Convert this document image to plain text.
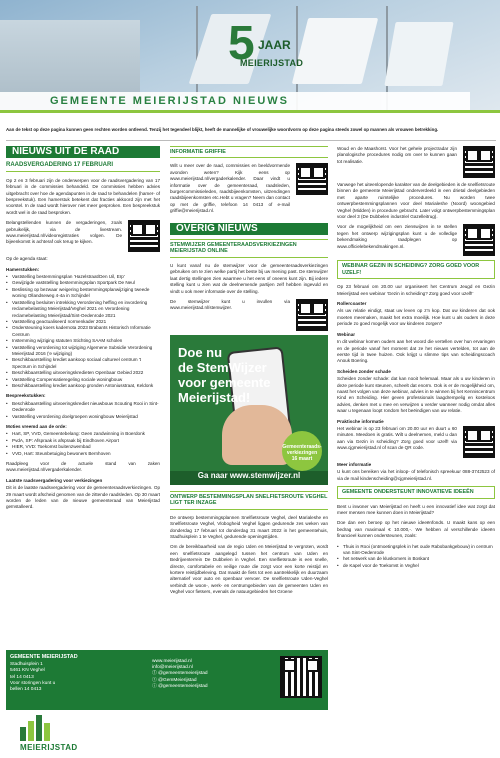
5 JAAR
MEIERIJSTAD
GEMEENTE MEIERIJSTAD NIEUWS
Aan de tekst op deze pagina kunnen geen rechten worden ontleend. Tenzij het tegendeel blijkt, heeft de mannelijke of vrouwelijke woordvorm op deze pagina steeds zowel op mannen als vrouwen betrekking.
NIEUWS UIT DE RAAD
RAADSVERGADERING 17 FEBRUARI

Op 2 en 3 februari zijn de onderwerpen voor de raadsvergadering van 17 februari in de commissies behandeld. De commissies hebben advies uitgebracht over hoe de agendapunten in de raad te behandelen (hamer- of bespreekstuk). Een hamerstuk betekent dat fracties akkoord zijn met het voorstel. In de raad wordt hierover niet meer gesproken. Een bespreekstuk wordt wel in de raad besproken.

Belangstellenden kunnen de vergaderingen, zoals gebruikelijk, via de livestream. www.meierijstad.nl/videoregistraties volgen. De bijeenkomst is achteraf ook terug te kijken.

Op de agenda staat:

Hamerstukken:
• Vaststelling bestemmingsplan 'Hazelstraat/Den Uil, Erp'
• Gewijzigde vaststelling bestemmingsplan Sportpark De Neul
• Beslissing op bezwaar weigering bestemmingsplanwijziging tweede woning Ollandseweg 4-4a in Schijndel
• Vaststelling besluiten intrekking Verordening heffing en invordering reclamebelasting Meierijstad/Veghel 2021 en Verordening reclamebelasting Meierijstad/Sint-Oedenrode 2021
• Vaststelling geactualiseerd normenkader 2021
• Ondersteuning koers kadernota 2023 Brabants Historisch Informatie Centrum
• Instemming wijziging statuten Stichting SAAM scholen
• Vaststelling verordening tot wijziging Algemene Subsidie Verordening Meierijstad 2016 ('e wijziging)
• Beschikbaarstelling krediet aankoop sociaal cultureel centrum 't Spectrum in Schijndel
• Beschikbaarstelling uitvoeringskredieten Openbaar Gebied 2022
• Vaststelling Compensatieregeling sociale woningbouw
• Beschikbaarstelling krediet aankoop gronden Antoniusstraat, Keldonk
Bespreekstukken:
• Beschikbaarstelling uitvoeringskrediet nieuwbouw Scouting Rooi in Sint-Oedenrode
• Vaststelling verordening doelgroepen woningbouw Meierijstad
Moties vreemd aan de orde:
• Hart, SP, VVD, Gemeentebelang: Geen zandwinning in Boerdonk
• PvdA, SP: Afspraak is afspraak bij Eindhoven Airport
• HIER, VVD: Toekomst buitenzwembad
• VVD, Hart: Steunbetuiging bewoners Bernhoven

Raadpleeg voor de actuele stand van zaken www.meierijstad.nl/vergaderkalender.

Laatste raadsvergadering voor verkiezingen

Dit is de laatste raadsvergadering voor de gemeenteraadsverkiezingen. Op 29 maart wordt afscheid genomen van de zittende raadsleden. Op 30 maart worden de leden van de nieuwe gemeenteraad van Meierijstad geïnstalleerd.

INFORMATIE GRIFFIE

Wilt u meer over de raad, commissies en beeldvormende avonden weten? Kijk eens op www.meierijstad.nl/vergaderkalender. Daar vindt u informatie over de gemeenteraad, raadsleden, burgercommissieleden, raadsbijeenkomsten, uitzendingen raadsbijeenkomsten etc.Hebt u vragen? Neem dan contact op met de griffie, telefoon 14 0413 of e-mail griffie@meierijstad.nl.

OVERIG NIEUWS
STEMWIJZER GEMEENTERAADSVERKIEZINGEN MEIERIJSTAD ONLINE

U kunt vanaf nu de stemwijzer voor de gemeenteraadsverkiezingen gebruiken om te zien welke partij het beste bij uw mening past. De stemwijzer laat dertig stellingen zien waarmee u het eens of oneens kunt zijn. Bij iedere stelling kunt u zien wat de deelnemende partijen zelf hebben ingevuld en vindt u ook meer informatie over de stelling.

De stemwijzer kunt u invullen via www.meierijstad.nl/stemwijzer.

Doe nu
de StemWijzer
voor gemeente
Meierijstad!
Gemeenteraads-
verkiezingen
16 maart
Ga naar www.stemwijzer.nl
ONTWERP BESTEMMINGSPLAN SNELFIETSROUTE VEGHEL LIGT TER INZAGE

De ontwerp bestemmingsplannen Snelfietsroute Veghel, deel Marialeshe en Snelfietsroute Veghel, Vlobogheid Veghel liggen gedurende zes weken van donderdag 17 februari tot donderdag 31 maart 2022 in het gemeentehuis, Stadhuisplein 1 te Veghel, gedurende openingstijden.

Om de bereikbaarheid van de regio Uden en Meierijstad te vergroten, wordt een snelfietsroute aangelegd tussen het centrum van Uden en Bedrijventerrein De Dubbelen in Veghel. Een snelfietsroute is een snelle, directe, comfortabele en veilige route die zorgt voor een korte reistijd en kortere reistijdbeleving. Dat maakt de fiets tot een aantrekkelijk en duurzaam alternatief voor auto en openbaar vervoer. De snelfietsroute Uden-Veghel verbindt de woon-, werk- en centrumgebieden van de gemeenten Uden en Veghel voor fietsers, evenals de natuurgebieden het Groene

Woud en de Maashorst. Voor het gehele projectradar zijn planologische procedures nodig om over te kunnen gaan tot realisatie.

Vanwege het uiteenlopende karakter van de deelgebieden is de snelfietsroute binnen de gemeente Meierijstad onderverdeeld in een drietal deelgebieden met aparte ruimtelijke procedures. Nu worden twee ontwerpbestemmingsplannen voor deel Marialeshe (Noord) woongebied Veghel (Midden) in procedure gebracht. Later volgt ontwerpbestemmingsplan voor deel 3 (De Dubbelen industriel Gazelleitrug).

Voor de mogelijkheid om een zienswijzen in te stellen tegen het ontwerp wijzigingsplan kunt u de volledige bekendmaking raadplegen op www.officielebekendmakingen.nl.

WEBINAR GEZIN IN SCHEIDING? ZORG GOED VOOR UZELF!

Op 23 februari om 20.00 uur organiseert het Centrum Jeugd en Gezin Meierijstad een webinar 'Gezin in scheiding? Zorg goed voor uzelf!'

Rollercoaster

Als uw relatie eindigt, staat uw leven op z'n kop. Dat uw kinderen dat ook moeten meemaken, maakt het extra moeilijk. Hoe kunt u als ouders in deze periode zo goed mogelijk voor uw kinderen zorgen?

Webinar

In dit webinar komen ouders aan het woord die vertellen over hun ervaringen en de periode vanaf het moment dat ze het nieuws vertelden, tot aan de eerste tijd in twee huizen. Ook krijgt u slimme tips van scheidingscoach Anouk Boering.

Scheiden zonder schade

Scheiden zonder schade: dat kan nooit helemaal. Maar als u uw kinderen in deze periode kunt steunen, scheelt dat enorm. Ook is er de mogelijkheid om, naast het volgen van deze webinar, advies in te winnen bij het Kenniscentrum Kind en Scheiding. Hier geven professionals laagdrempelig en kosteloos advies, denken met u mee en verwijzen u verder wanneer nodig omdat alles waar u tegenaan loopt rondom het beëindigen van uw relatie.

Praktische informatie

Het webinar is op 23 februari om 20.00 uur en duurt ± 60 minuten. Meedoen is gratis. Wilt u deelnemen, meld u dan aan via Gezin in scheiding? Zorg goed voor uzelf! via www.cjgmeierijstad.nl of scan de QR code.

Meer informatie

U kunt ons bereiken via het inloop- of telefonisch spreekuur 088-3742523 of via de mail kindenscheiding@cjgmeierijstad.nl.

GEMEENTE ONDERSTEUNT INNOVATIEVE IDEEËN

Bent u inwoner van Meierijstad en heeft u een innovatief idee wat zorgt dat meer mensen mee kunnen doen in Meierijstad?

Doe dan een beroep op het nieuwe ideeënfonds. U maakt kans op een bedrag van maximaal € 10.000,-. We hebben al verschillende ideeën financieel kunnen ondersteunen, zoals:

• Thuis in Rooi (ontmoetingsplek in het oude Rabobankgebouw) in centrum van Sint-Oedenrode
• het netwerk van de kluskomers in Boskant
• de Kapel voor de Toekomst in Veghel
GEMEENTE MEIERIJSTAD
Stadhuisplein 1
5461 KN Veghel
tel 14 0413
Voor storingen kunt u
bellen 14 0413
www.meierijstad.nl
info@meierijstad.nl
ⓕ @gemeentemeierijstad
ⓣ @GemMeierijstad
ⓘ @gemeentemeierijstad
MEIERIJSTAD
